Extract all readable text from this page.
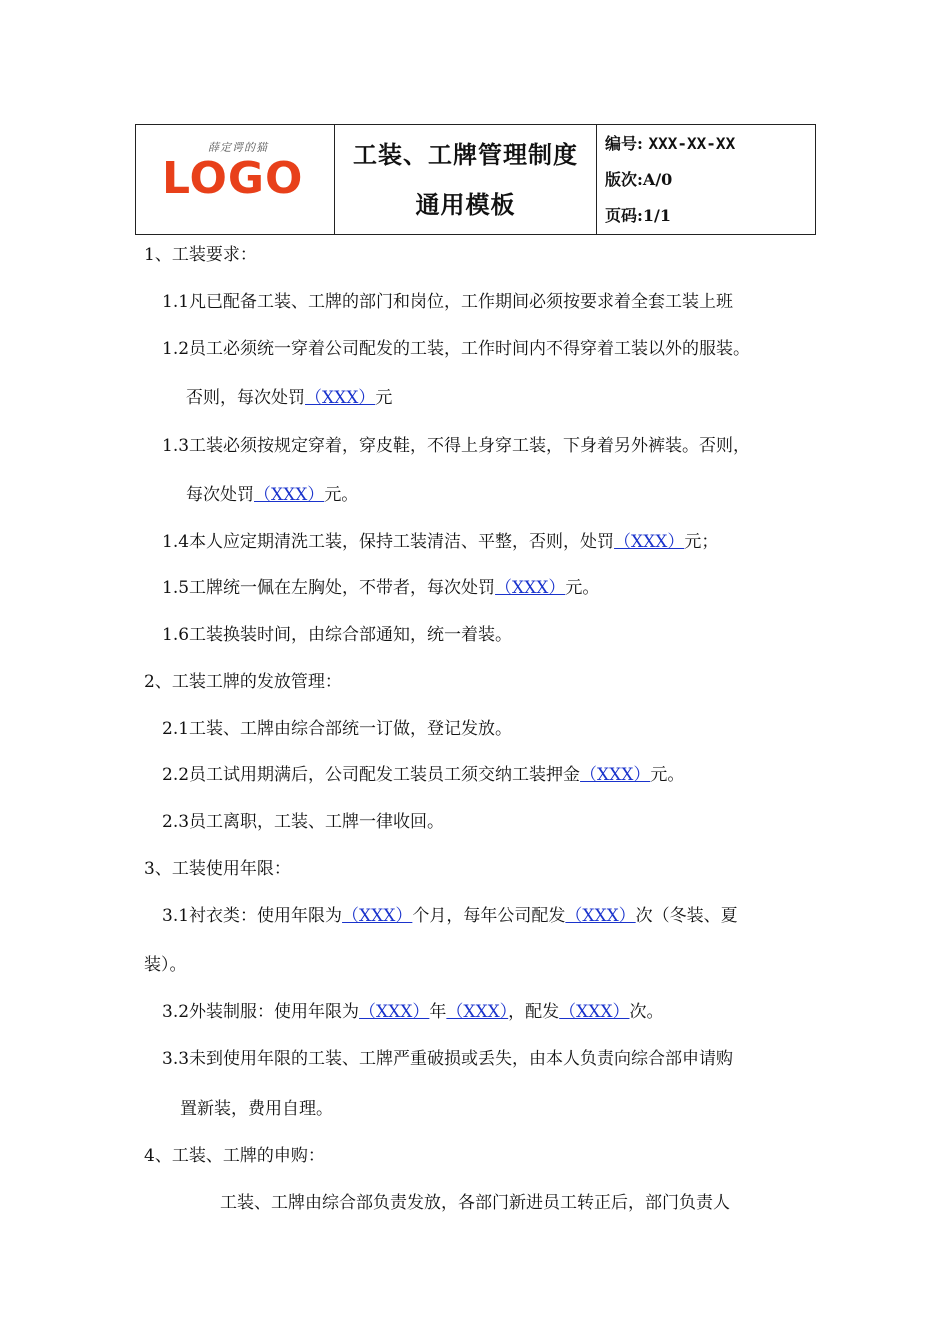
薛定谔的猫
LOGO 工装、工牌管理制度
通用模板
编号: XXX-XX-XX
版次:A/0
页码:1/1
1、工装要求：
1.1凡已配备工装、工牌的部门和岗位，工作期间必须按要求着全套工装上班
1.2员工必须统一穿着公司配发的工装，工作时间内不得穿着工装以外的服装。
否则，每次处罚（XXX）元
1.3工装必须按规定穿着，穿皮鞋，不得上身穿工装，下身着另外裤装。否则，
每次处罚（XXX）元。
1.4本人应定期清洗工装，保持工装清洁、平整，否则，处罚（XXX）元；
1.5工牌统一佩在左胸处，不带者，每次处罚（XXX）元。
1.6工装换装时间，由综合部通知，统一着装。
2、工装工牌的发放管理：
2.1工装、工牌由综合部统一订做，登记发放。
2.2员工试用期满后，公司配发工装员工须交纳工装押金（XXX）元。
2.3员工离职，工装、工牌一律收回。
3、工装使用年限：
3.1衬衣类：使用年限为（XXX）个月，每年公司配发（XXX）次（冬装、夏
装）。
3.2外装制服：使用年限为（XXX）年（XXX），配发（XXX）次。
3.3未到使用年限的工装、工牌严重破损或丢失，由本人负责向综合部申请购
置新装，费用自理。
4、工装、工牌的申购：
工装、工牌由综合部负责发放，各部门新进员工转正后，部门负责人
